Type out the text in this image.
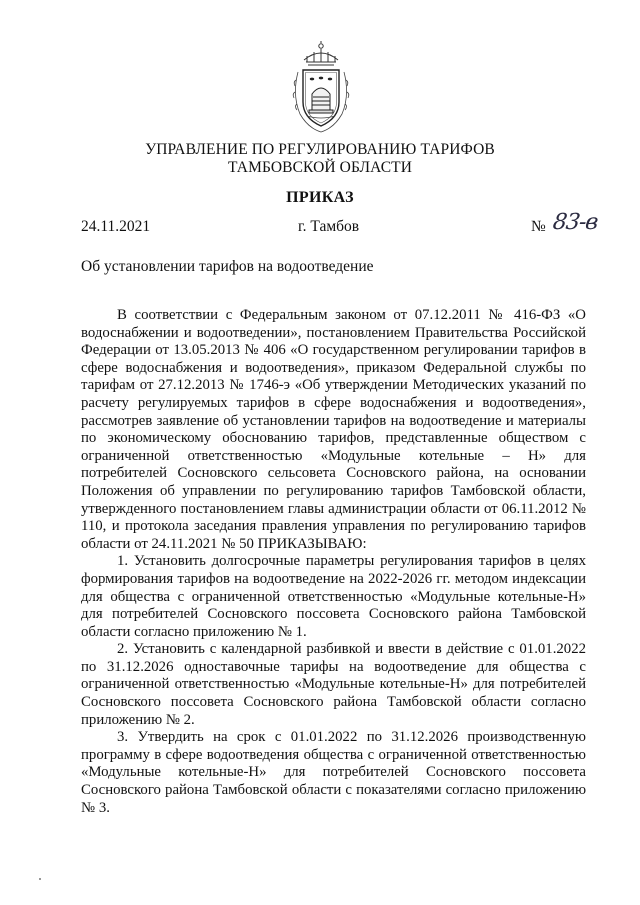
УПРАВЛЕНИЕ ПО РЕГУЛИРОВАНИЮ ТАРИФОВ
ТАМБОВСКОЙ ОБЛАСТИ
ПРИКАЗ
24.11.2021	г. Тамбов	№ 83-в
Об установлении тарифов на водоотведение

В соответствии с Федеральным законом от 07.12.2011 № 416-ФЗ «О водоснабжении и водоотведении», постановлением Правительства Российской Федерации от 13.05.2013 № 406 «О государственном регулировании тарифов в сфере водоснабжения и водоотведения», приказом Федеральной службы по тарифам от 27.12.2013 № 1746-э «Об утверждении Методических указаний по расчету регулируемых тарифов в сфере водоснабжения и водоотведения», рассмотрев заявление об установлении тарифов на водоотведение и материалы по экономическому обоснованию тарифов, представленные обществом с ограниченной ответственностью «Модульные котельные – Н» для потребителей Сосновского сельсовета Сосновского района, на основании Положения об управлении по регулированию тарифов Тамбовской области, утвержденного постановлением главы администрации области от 06.11.2012 № 110, и протокола заседания правления управления по регулированию тарифов области от 24.11.2021 № 50 ПРИКАЗЫВАЮ:

1. Установить долгосрочные параметры регулирования тарифов в целях формирования тарифов на водоотведение на 2022-2026 гг. методом индексации для общества с ограниченной ответственностью «Модульные котельные-Н» для потребителей Сосновского поссовета Сосновского района Тамбовской области согласно приложению № 1.

2. Установить с календарной разбивкой и ввести в действие с 01.01.2022 по 31.12.2026 одноставочные тарифы на водоотведение для общества с ограниченной ответственностью «Модульные котельные-Н» для потребителей Сосновского поссовета Сосновского района Тамбовской области согласно приложению № 2.

3. Утвердить на срок с 01.01.2022 по 31.12.2026 производственную программу в сфере водоотведения общества с ограниченной ответственностью «Модульные котельные-Н» для потребителей Сосновского поссовета Сосновского района Тамбовской области с показателями согласно приложению № 3.
